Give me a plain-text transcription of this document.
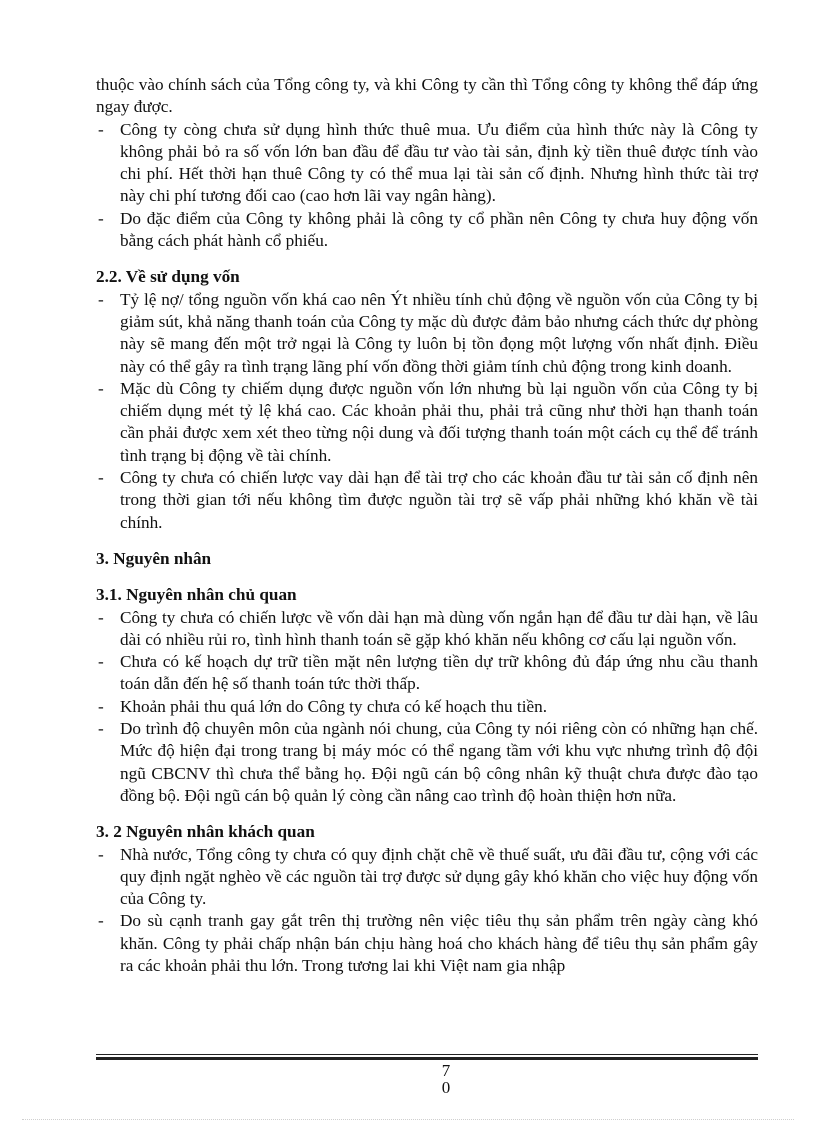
thuộc vào chính sách của Tổng công ty, và khi Công ty cần thì Tổng công ty không thể đáp ứng ngay được.

- Công ty còng chưa sử dụng hình thức thuê mua. Ưu điểm của hình thức này là Công ty không phải bỏ ra số vốn lớn ban đầu để đầu tư vào tài sản, định kỳ tiền thuê được tính vào chi phí. Hết thời hạn thuê Công ty có thể mua lại tài sản cố định. Nhưng hình thức tài trợ này chi phí tương đối cao (cao hơn lãi vay ngân hàng).
- Do đặc điểm của Công ty không phải là công ty cổ phần nên Công ty chưa huy động vốn bằng cách phát hành cổ phiếu.
2.2. Về sử dụng vốn
- Tỷ lệ nợ/ tổng nguồn vốn khá cao nên Ýt nhiều tính chủ động về nguồn vốn của Công ty bị giảm sút, khả năng thanh toán của Công ty mặc dù được đảm bảo nhưng cách thức dự phòng này sẽ mang đến một trở ngại là Công ty luôn bị tồn đọng một lượng vốn nhất định. Điều này có thể gây ra tình trạng lãng phí vốn đồng thời giảm tính chủ động trong kinh doanh.
- Mặc dù Công ty chiếm dụng được nguồn vốn lớn nhưng bù lại nguồn vốn của Công ty bị chiếm dụng mét tỷ lệ khá cao. Các khoản phải thu, phải trả cũng như thời hạn thanh toán cần phải được xem xét theo từng nội dung và đối tượng thanh toán một cách cụ thể để tránh tình trạng bị động về tài chính.
- Công ty chưa có chiến lược vay dài hạn để tài trợ cho các khoản đầu tư tài sản cố định nên trong thời gian tới nếu không tìm được nguồn tài trợ sẽ vấp phải những khó khăn về tài chính.
3. Nguyên nhân
3.1. Nguyên nhân chủ quan
- Công ty chưa có chiến lược về vốn dài hạn mà dùng vốn ngắn hạn để đầu tư dài hạn, về lâu dài có nhiều rủi ro, tình hình thanh toán sẽ gặp khó khăn nếu không cơ cấu lại nguồn vốn.
- Chưa có kế hoạch dự trữ tiền mặt nên lượng tiền dự trữ không đủ đáp ứng nhu cầu thanh toán dẫn đến hệ số thanh toán tức thời thấp.
- Khoản phải thu quá lớn do Công ty chưa có kế hoạch thu tiền.
- Do trình độ chuyên môn của ngành nói chung, của Công ty nói riêng còn có những hạn chế. Mức độ hiện đại trong trang bị máy móc có thể ngang tầm với khu vực nhưng trình độ đội ngũ CBCNV thì chưa thể bằng họ. Đội ngũ cán bộ công nhân kỹ thuật chưa được đào tạo đồng bộ. Đội ngũ cán bộ quản lý còng cần nâng cao trình độ hoàn thiện hơn nữa.
3. 2 Nguyên nhân khách quan
- Nhà nước, Tổng công ty chưa có quy định chặt chẽ về thuế suất, ưu đãi đầu tư, cộng với các quy định ngặt nghèo về các nguồn tài trợ được sử dụng gây khó khăn cho việc huy động vốn của Công ty.
- Do sù cạnh tranh gay gắt trên thị trường nên việc tiêu thụ sản phẩm trên ngày càng khó khăn. Công ty phải chấp nhận bán chịu hàng hoá cho khách hàng để tiêu thụ sản phẩm gây ra các khoản phải thu lớn. Trong tương lai khi Việt nam gia nhập
7
0
